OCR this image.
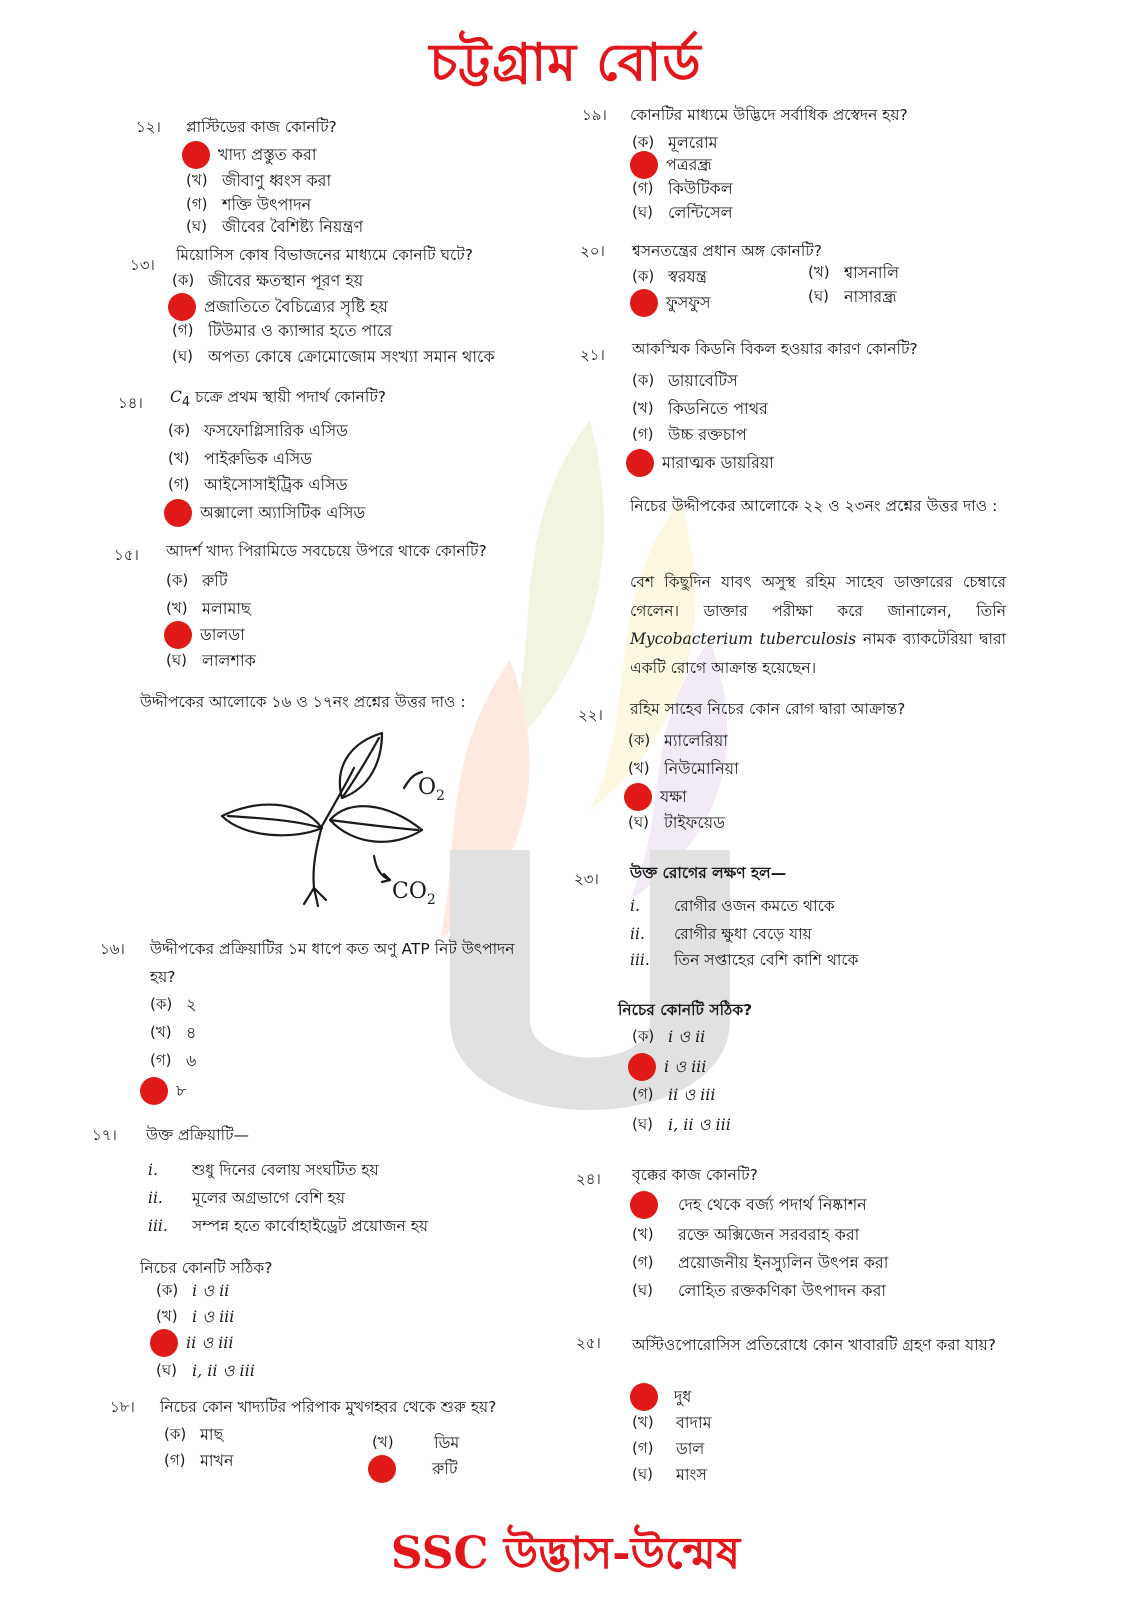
চট্টগ্রাম বোর্ড
১২। প্লাস্টিডের কাজ কোনটি?
খাদ্য প্রস্তুত করা
(খ) জীবাণু ধ্বংস করা
(গ) শক্তি উৎপাদন
(ঘ) জীবের বৈশিষ্ট্য নিয়ন্ত্রণ
১৩।
মিয়োসিস কোষ বিভাজনের মাধ্যমে কোনটি ঘটে?
(ক) জীবের ক্ষতস্থান পূরণ হয়
প্রজাতিতে বৈচিত্র্যের সৃষ্টি হয়
(গ) টিউমার ও ক্যান্সার হতে পারে
(ঘ) অপত্য কোষে ক্রোমোজোম সংখ্যা সমান থাকে
১৪। $C_4$ চক্রে প্রথম স্থায়ী পদার্থ কোনটি?
(ক) ফসফোগ্লিসারিক এসিড
(খ) পাইরুভিক এসিড
(গ) আইসোসাইট্রিক এসিড
অক্সালো অ্যাসিটিক এসিড
১৫। আদর্শ খাদ্য পিরামিডে সবচেয়ে উপরে থাকে কোনটি?
(ক) রুটি
(খ) মলামাছ
ডালডা
(ঘ) লালশাক
উদ্দীপকের আলোকে ১৬ ও ১৭নং প্রশ্নের উত্তর দাও :
$O_2$
$CO_2$
১৬। উদ্দীপকের প্রক্রিয়াটির ১ম ধাপে কত অণু ATP নিট উৎপাদন হয়?
(ক) ২
(খ) ৪
(গ) ৬
৮
১৭। উক্ত প্রক্রিয়াটি—
i. শুধু দিনের বেলায় সংঘটিত হয়
ii. মূলের অগ্রভাগে বেশি হয়
iii. সম্পন্ন হতে কার্বোহাইড্রেট প্রয়োজন হয়
নিচের কোনটি সঠিক?
(ক) i ও ii
(খ) i ও iii
ii ও iii
(ঘ) i, ii ও iii
১৮। নিচের কোন খাদ্যটির পরিপাক মুখগহ্বর থেকে শুরু হয়?
(ক) মাছ	(খ)	ডিম
(গ) মাখন	রুটি
১৯। কোনটির মাধ্যমে উদ্ভিদে সর্বাধিক প্রস্বেদন হয়?
(ক) মূলরোম
পত্ররন্ধ্র
(গ) কিউটিকল
(ঘ) লেন্টিসেল
২০। শ্বসনতন্ত্রের প্রধান অঙ্গ কোনটি?
(ক) স্বরযন্ত্র	(খ) শ্বাসনালি
ফুসফুস	(ঘ) নাসারন্ধ্র
২১। আকস্মিক কিডনি বিকল হওয়ার কারণ কোনটি?
(ক) ডায়াবেটিস
(খ) কিডনিতে পাথর
(গ) উচ্চ রক্তচাপ
মারাত্মক ডায়রিয়া
নিচের উদ্দীপকের আলোকে ২২ ও ২৩নং প্রশ্নের উত্তর দাও :
বেশ কিছুদিন যাবৎ অসুস্থ রহিম সাহেব ডাক্তারের চেম্বারে গেলেন। ডাক্তার পরীক্ষা করে জানালেন, তিনি Mycobacterium tuberculosis নামক ব্যাকটেরিয়া দ্বারা একটি রোগে আক্রান্ত হয়েছেন।
২২। রহিম সাহেব নিচের কোন রোগ দ্বারা আক্রান্ত?
(ক) ম্যালেরিয়া
(খ) নিউমোনিয়া
যক্ষা
(ঘ) টাইফয়েড
২৩। উক্ত রোগের লক্ষণ হল—
i. রোগীর ওজন কমতে থাকে
ii. রোগীর ক্ষুধা বেড়ে যায়
iii. তিন সপ্তাহের বেশি কাশি থাকে
নিচের কোনটি সঠিক?
(ক) i ও ii
i ও iii
(গ) ii ও iii
(ঘ) i, ii ও iii
২৪। বৃক্কের কাজ কোনটি?
দেহ থেকে বর্জ্য পদার্থ নিষ্কাশন
(খ)	রক্তে অক্সিজেন সরবরাহ করা
(গ)	প্রয়োজনীয় ইনস্যুলিন উৎপন্ন করা
(ঘ)	লোহিত রক্তকণিকা উৎপাদন করা
২৫। অস্টিওপোরোসিস প্রতিরোধে কোন খাবারটি গ্রহণ করা যায়?
দুধ
(খ)	বাদাম
(গ)	ডাল
(ঘ)	মাংস
SSC উদ্ভাস-উন্মেষ
